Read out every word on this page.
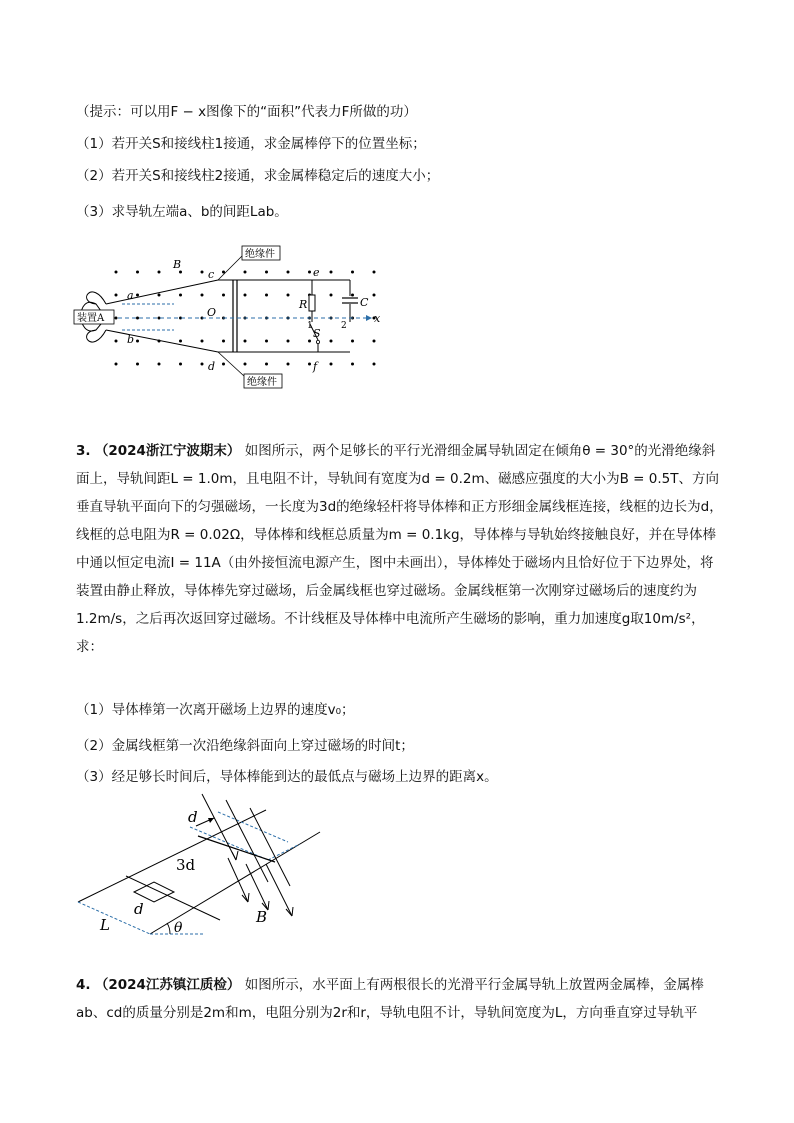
（提示：可以用F − x图像下的“面积”代表力F所做的功）
（1）若开关S和接线柱1接通，求金属棒停下的位置坐标；
（2）若开关S和接线柱2接通，求金属棒稳定后的速度大小；
（3）求导轨左端a、b的间距Lab。
装置A
绝缘件
绝缘件
B
a
b
c
d
e
f
O
R	C
S
1	2
x
3. （2024浙江宁波期末） 如图所示，两个足够长的平行光滑细金属导轨固定在倾角θ = 30°的光滑绝缘斜面上，导轨间距L = 1.0m，且电阻不计，导轨间有宽度为d = 0.2m、磁感应强度的大小为B = 0.5T、方向垂直导轨平面向下的匀强磁场，一长度为3d的绝缘轻杆将导体棒和正方形细金属线框连接，线框的边长为d，线框的总电阻为R = 0.02Ω，导体棒和线框总质量为m = 0.1kg，导体棒与导轨始终接触良好，并在导体棒中通以恒定电流I = 11A（由外接恒流电源产生，图中未画出），导体棒处于磁场内且恰好位于下边界处，将装置由静止释放，导体棒先穿过磁场，后金属线框也穿过磁场。金属线框第一次刚穿过磁场后的速度约为1.2m/s，之后再次返回穿过磁场。不计线框及导体棒中电流所产生磁场的影响，重力加速度g取10m/s²，求：
（1）导体棒第一次离开磁场上边界的速度v₀；
（2）金属线框第一次沿绝缘斜面向上穿过磁场的时间t；
（3）经足够长时间后，导体棒能到达的最低点与磁场上边界的距离x。
d
3d
d
L	θ
B
4. （2024江苏镇江质检） 如图所示，水平面上有两根很长的光滑平行金属导轨上放置两金属棒，金属棒
ab、cd的质量分别是2m和m，电阻分别为2r和r，导轨电阻不计，导轨间宽度为L，方向垂直穿过导轨平
